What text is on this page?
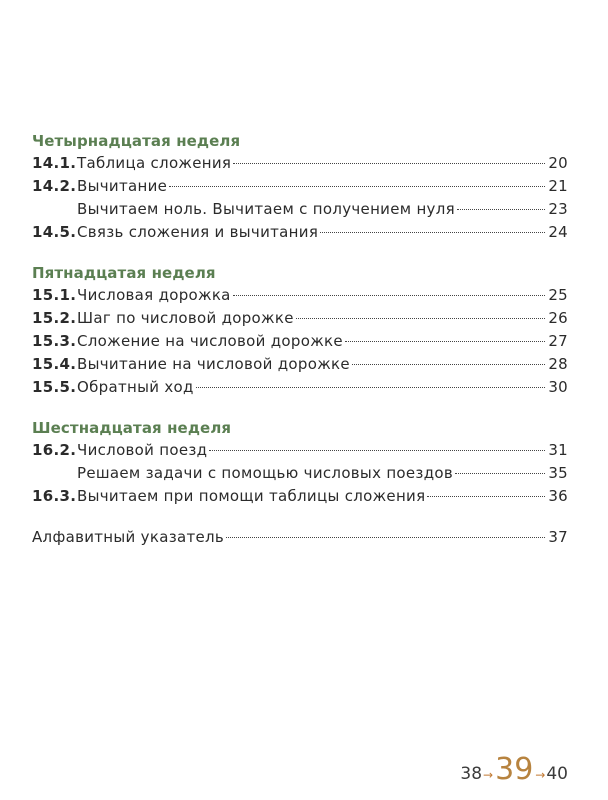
Четырнадцатая неделя
14.1. Таблица сложения	20
14.2. Вычитание	21
Вычитаем ноль. Вычитаем с получением нуля	23
14.5. Связь сложения и вычитания	24
Пятнадцатая неделя
15.1. Числовая дорожка	25
15.2. Шаг по числовой дорожке	26
15.3. Сложение на числовой дорожке	27
15.4. Вычитание на числовой дорожке	28
15.5. Обратный ход	30
Шестнадцатая неделя
16.2. Числовой поезд	31
Решаем задачи с помощью числовых поездов	35
16.3. Вычитаем при помощи таблицы сложения	36
Алфавитный указатель	37
38 → 39 → 40
